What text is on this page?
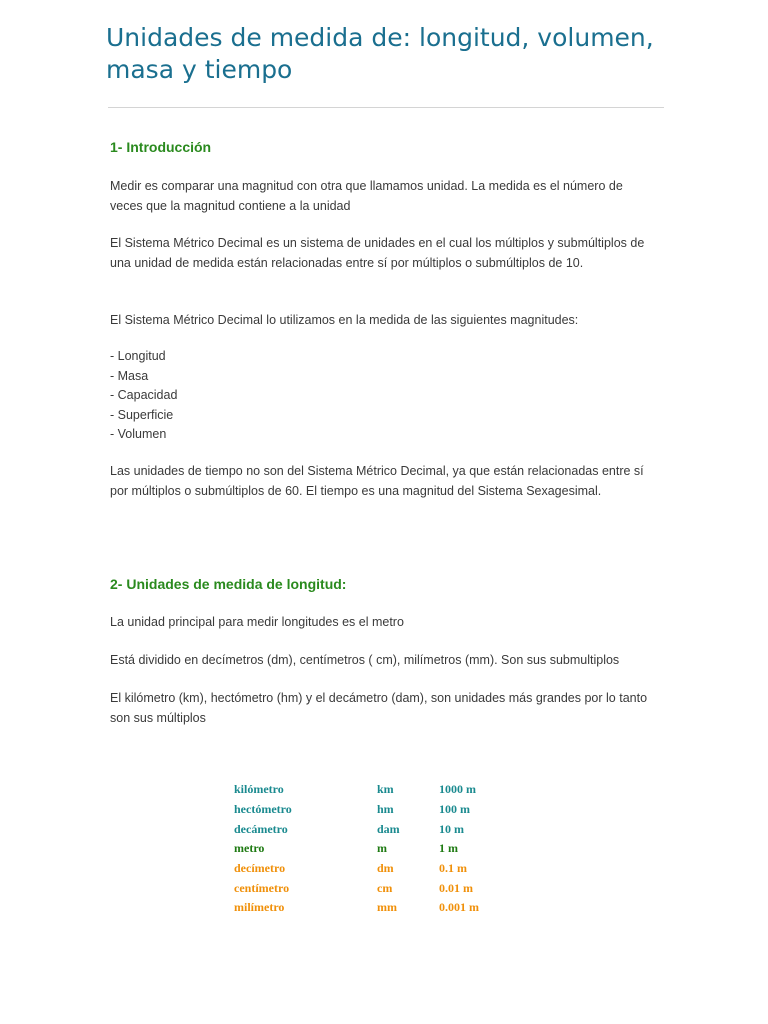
Unidades de medida de: longitud, volumen, masa y tiempo
1- Introducción

Medir es comparar una magnitud con otra que llamamos unidad. La medida es el número de veces que la magnitud contiene a la unidad

El Sistema Métrico Decimal es un sistema de unidades en el cual los múltiplos y submúltiplos de una unidad de medida están relacionadas entre sí por múltiplos o submúltiplos de 10.

El Sistema Métrico Decimal lo utilizamos en la medida de las siguientes magnitudes:

- Longitud
- Masa
- Capacidad
- Superficie
- Volumen

Las unidades de tiempo no son del Sistema Métrico Decimal, ya que están relacionadas entre sí por múltiplos o submúltiplos de 60. El tiempo es una magnitud del Sistema Sexagesimal.

2- Unidades de medida de longitud:

La unidad principal para medir longitudes es el metro

Está dividido en decímetros (dm), centímetros ( cm), milímetros (mm). Son sus submultiplos

El kilómetro (km), hectómetro (hm) y el decámetro (dam), son unidades más grandes por lo tanto son sus múltiplos

kilómetro	km	1000 m
hectómetro	hm	100 m
decámetro	dam	10 m
metro	m	1 m
decímetro	dm	0.1 m
centímetro	cm	0.01 m
milímetro	mm	0.001 m
